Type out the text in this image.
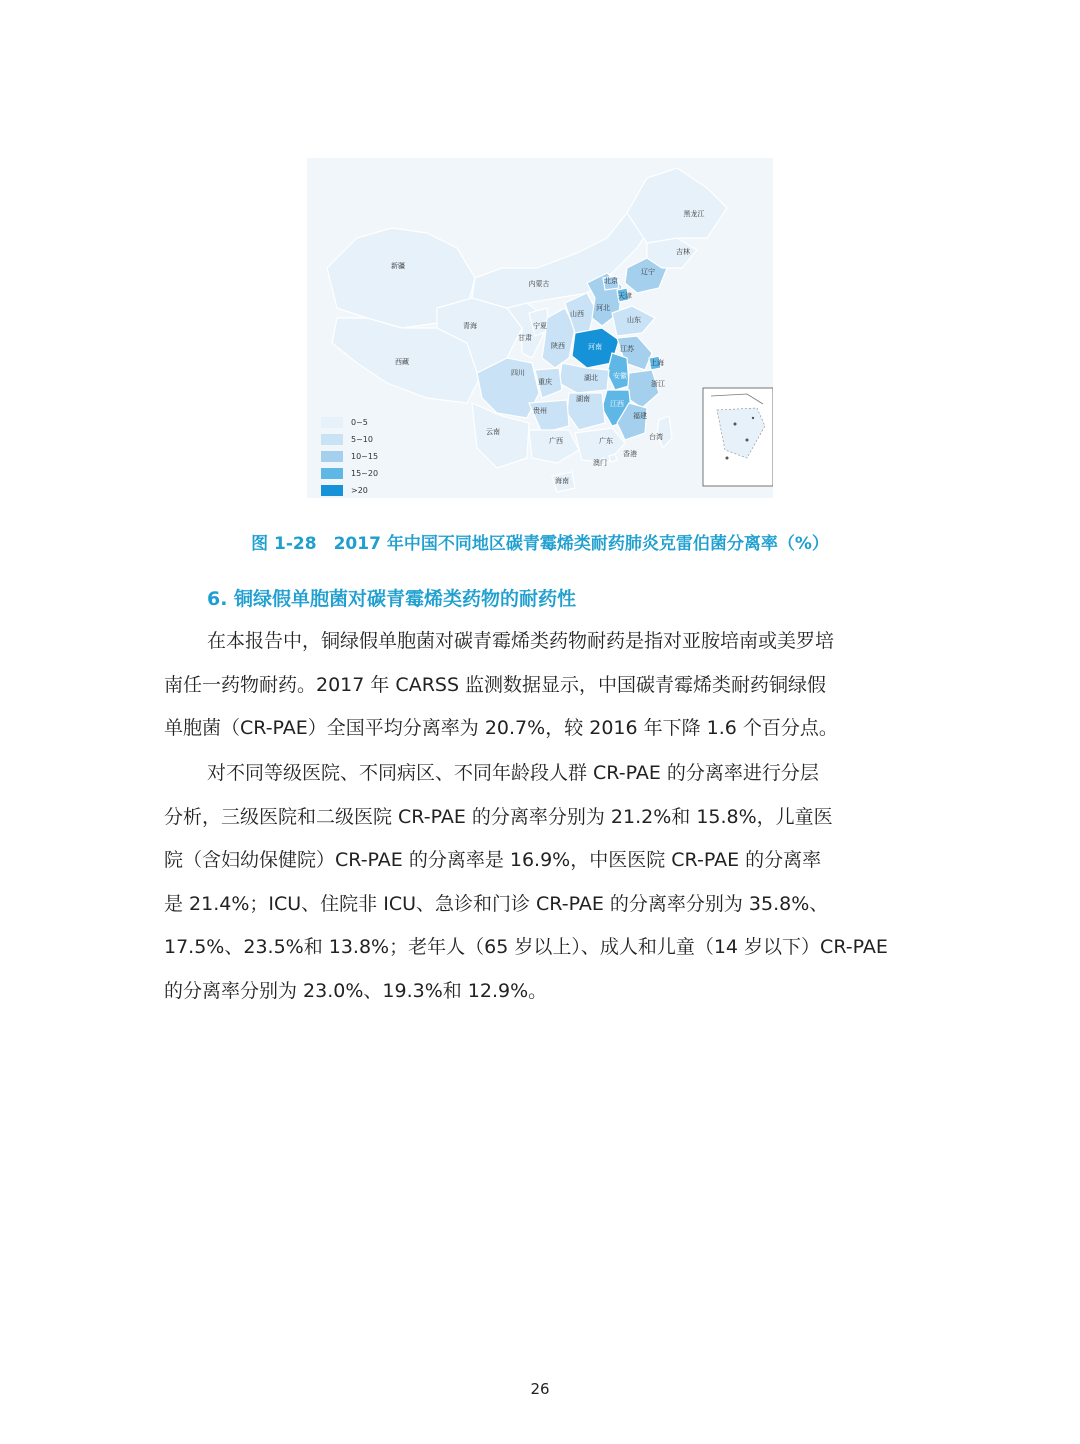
黑龙江
吉林
辽宁
内蒙古	北京
天津
河北
山西
山东
新疆
青海	宁夏
甘肃
陕西	河南	江苏
上海
西藏
四川
重庆	湖北 安徽
浙江
湖南
江西
福建
贵州
云南
广西	广东	台湾
香港
澳门
海南
0~5
5~10
10~15
15~20
>20
图 1-28　2017 年中国不同地区碳青霉烯类耐药肺炎克雷伯菌分离率（%）
6. 铜绿假单胞菌对碳青霉烯类药物的耐药性
在本报告中，铜绿假单胞菌对碳青霉烯类药物耐药是指对亚胺培南或美罗培
南任一药物耐药。2017 年 CARSS 监测数据显示，中国碳青霉烯类耐药铜绿假
单胞菌（CR-PAE）全国平均分离率为 20.7%，较 2016 年下降 1.6 个百分点。
对不同等级医院、不同病区、不同年龄段人群 CR-PAE 的分离率进行分层
分析，三级医院和二级医院 CR-PAE 的分离率分别为 21.2%和 15.8%，儿童医
院（含妇幼保健院）CR-PAE 的分离率是 16.9%，中医医院 CR-PAE 的分离率
是 21.4%；ICU、住院非 ICU、急诊和门诊 CR-PAE 的分离率分别为 35.8%、
17.5%、23.5%和 13.8%；老年人（65 岁以上）、成人和儿童（14 岁以下）CR-PAE
的分离率分别为 23.0%、19.3%和 12.9%。
26
